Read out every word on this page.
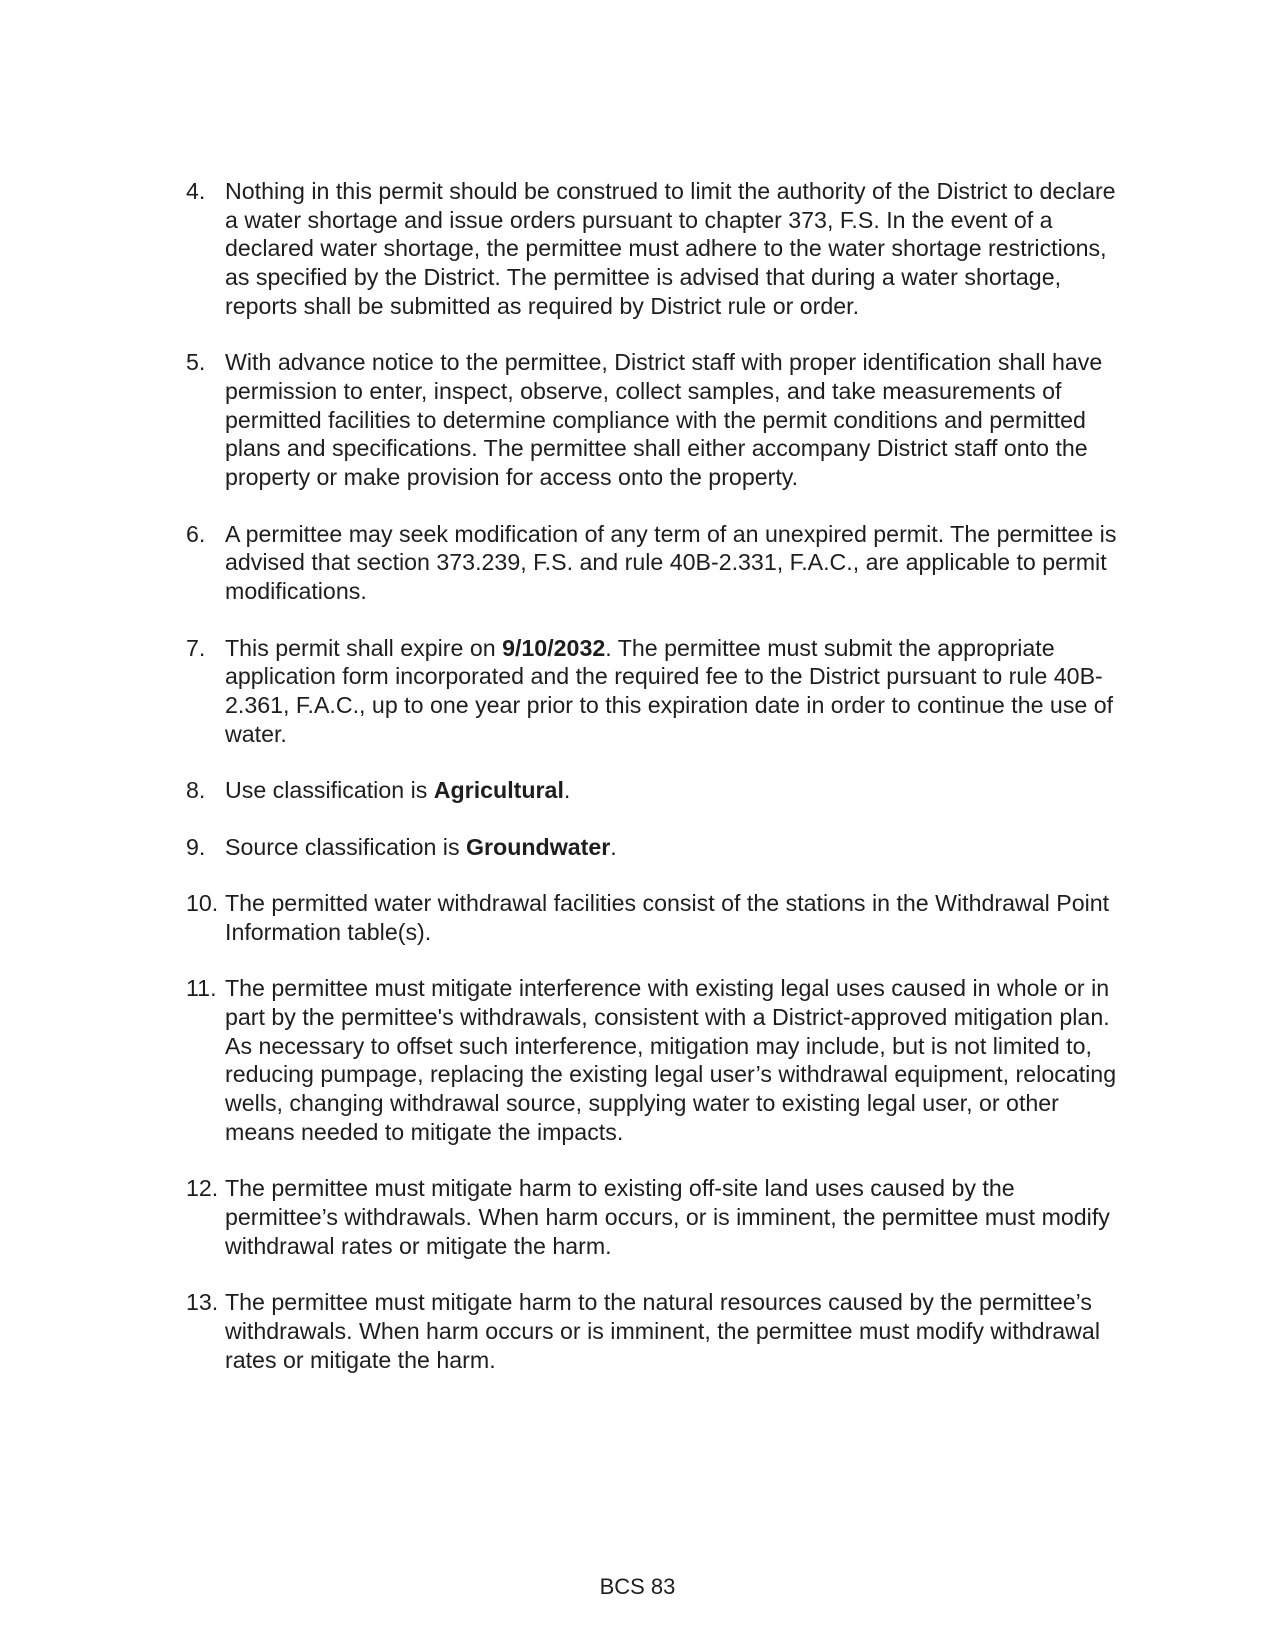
4. Nothing in this permit should be construed to limit the authority of the District to declare a water shortage and issue orders pursuant to chapter 373, F.S. In the event of a declared water shortage, the permittee must adhere to the water shortage restrictions, as specified by the District. The permittee is advised that during a water shortage, reports shall be submitted as required by District rule or order.
5. With advance notice to the permittee, District staff with proper identification shall have permission to enter, inspect, observe, collect samples, and take measurements of permitted facilities to determine compliance with the permit conditions and permitted plans and specifications. The permittee shall either accompany District staff onto the property or make provision for access onto the property.
6. A permittee may seek modification of any term of an unexpired permit. The permittee is advised that section 373.239, F.S. and rule 40B-2.331, F.A.C., are applicable to permit modifications.
7. This permit shall expire on 9/10/2032. The permittee must submit the appropriate application form incorporated and the required fee to the District pursuant to rule 40B-2.361, F.A.C., up to one year prior to this expiration date in order to continue the use of water.
8. Use classification is Agricultural.
9. Source classification is Groundwater.
10. The permitted water withdrawal facilities consist of the stations in the Withdrawal Point Information table(s).
11. The permittee must mitigate interference with existing legal uses caused in whole or in part by the permittee's withdrawals, consistent with a District-approved mitigation plan. As necessary to offset such interference, mitigation may include, but is not limited to, reducing pumpage, replacing the existing legal user’s withdrawal equipment, relocating wells, changing withdrawal source, supplying water to existing legal user, or other means needed to mitigate the impacts.
12. The permittee must mitigate harm to existing off-site land uses caused by the permittee’s withdrawals. When harm occurs, or is imminent, the permittee must modify withdrawal rates or mitigate the harm.
13. The permittee must mitigate harm to the natural resources caused by the permittee’s withdrawals. When harm occurs or is imminent, the permittee must modify withdrawal rates or mitigate the harm.
BCS 83
